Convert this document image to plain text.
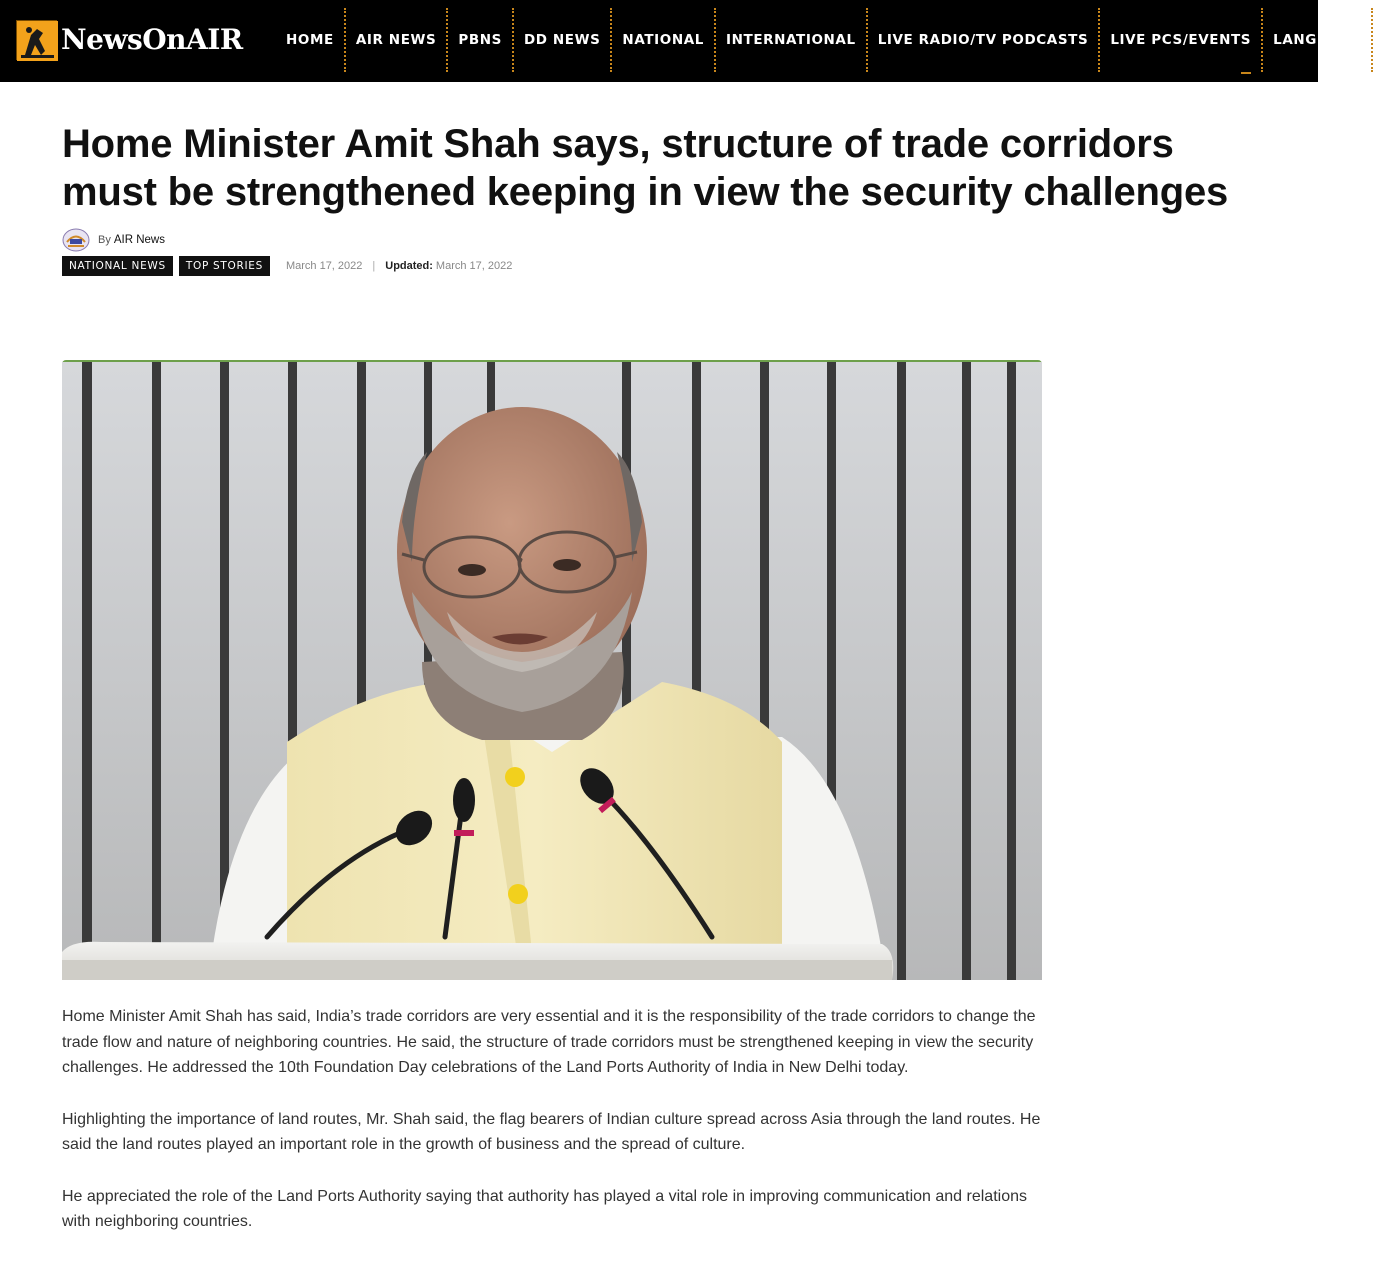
NewsOnAIR	HOME	AIR NEWS	PBNS	DD NEWS	NATIONAL	INTERNATIONAL	LIVE RADIO/TV PODCASTS	LIVE PCS/EVENTS	LANGUAGE
Home Minister Amit Shah says, structure of trade corridors must be strengthened keeping in view the security challenges
By AIR News
NATIONAL NEWS	TOP STORIES	March 17, 2022 | Updated: March 17, 2022

Home Minister Amit Shah has said, India’s trade corridors are very essential and it is the responsibility of the trade corridors to change the trade flow and nature of neighboring countries. He said, the structure of trade corridors must be strengthened keeping in view the security challenges. He addressed the 10th Foundation Day celebrations of the Land Ports Authority of India in New Delhi today.

Highlighting the importance of land routes, Mr. Shah said, the flag bearers of Indian culture spread across Asia through the land routes. He said the land routes played an important role in the growth of business and the spread of culture.

He appreciated the role of the Land Ports Authority saying that authority has played a vital role in improving communication and relations with neighboring countries.
